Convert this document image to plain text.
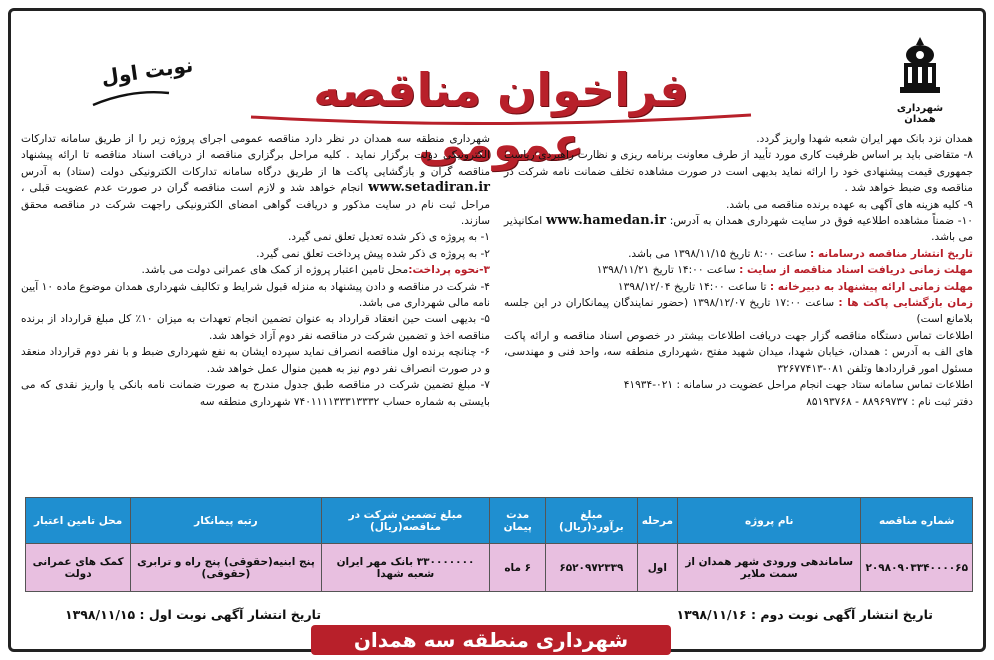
شهرداری همدان
فراخوان مناقصه عمومی
نوبت اول

شهرداری منطقه سه همدان در نظر دارد مناقصه عمومی اجرای پروژه زیر را از طریق سامانه تدارکات الکترونیکی دولت برگزار نماید . کلیه مراحل برگزاری مناقصه از دریافت اسناد مناقصه تا ارائه پیشنهاد مناقصه گران و بازگشایی پاکت ها از طریق درگاه سامانه تدارکات الکترونیکی دولت (ستاد) به آدرس www.setadiran.ir انجام خواهد شد و لازم است مناقصه گران در صورت عدم عضویت قبلی ، مراحل ثبت نام در سایت مذکور و دریافت گواهی امضای الکترونیکی راجهت شرکت در مناقصه محقق سازند.

۱- به پروژه ی ذکر شده تعدیل تعلق نمی گیرد.

۲- به پروژه ی ذکر شده پیش پرداخت تعلق نمی گیرد.

۳-نحوه پرداخت:محل تامین اعتبار پروژه از کمک های عمرانی دولت می باشد.

۴- شرکت در مناقصه و دادن پیشنهاد به منزله قبول شرایط و تکالیف شهرداری همدان موضوع ماده ۱۰ آیین نامه مالی شهرداری می باشد.

۵- بدیهی است حین انعقاد قرارداد به عنوان تضمین انجام تعهدات به میزان ۱۰٪ کل مبلغ قرارداد از برنده مناقصه اخذ و تضمین شرکت در مناقصه نفر دوم آزاد خواهد شد.

۶- چنانچه برنده اول مناقصه انصراف نماید سپرده ایشان به نفع شهرداری ضبط و با نفر دوم قرارداد منعقد و در صورت انصراف نفر دوم نیز به همین منوال عمل خواهد شد.

۷- مبلغ تضمین شرکت در مناقصه طبق جدول مندرج به صورت ضمانت نامه بانکی یا واریز نقدی که می بایستی به شماره حساب ۷۴۰۱۱۱۱۳۳۳۱۳۳۳۲ شهرداری منطقه سه

همدان نزد بانک مهر ایران شعبه شهدا واریز گردد.

۸- متقاضی باید بر اساس ظرفیت کاری مورد تأیید از طرف معاونت برنامه ریزی و نظارت راهبردی ریاست جمهوری قیمت پیشنهادی خود را ارائه نماید بدیهی است در صورت مشاهده تخلف ضمانت نامه شرکت در مناقصه وی ضبط خواهد شد .

۹- کلیه هزینه های آگهی به عهده برنده مناقصه می باشد.

۱۰- ضمناً مشاهده اطلاعیه فوق در سایت شهرداری همدان به آدرس: www.hamedan.ir امکانپذیر می باشد.

تاریخ انتشار مناقصه درسامانه : ساعت ۸:۰۰ تاریخ ۱۳۹۸/۱۱/۱۵ می باشد.

مهلت زمانی دریافت اسناد مناقصه از سایت : ساعت ۱۴:۰۰ تاریخ ۱۳۹۸/۱۱/۲۱

مهلت زمانی ارائه پیشنهاد به دبیرخانه : تا ساعت ۱۴:۰۰ تاریخ ۱۳۹۸/۱۲/۰۴

زمان بازگشایی پاکت ها : ساعت ۱۷:۰۰ تاریخ ۱۳۹۸/۱۲/۰۷ (حضور نمایندگان پیمانکاران در این جلسه بلامانع است)

اطلاعات تماس دستگاه مناقصه گزار جهت دریافت اطلاعات بیشتر در خصوص اسناد مناقصه و ارائه پاکت های الف به آدرس : همدان، خیابان شهدا، میدان شهید مفتح ،شهرداری منطقه سه، واحد فنی و مهندسی، مسئول امور قراردادها وتلفن ۰۸۱-۳۲۶۷۷۴۱۳

اطلاعات تماس سامانه ستاد جهت انجام مراحل عضویت در سامانه : ۰۲۱-۴۱۹۳۴

دفتر ثبت نام : ۸۸۹۶۹۷۳۷ - ۸۵۱۹۳۷۶۸

شماره مناقصه	نام پروژه	مرحله	مبلغ برآورد(ریال)	مدت پیمان	مبلغ تضمین شرکت در مناقصه(ریال)	رتبه پیمانکار	محل تامین اعتبار
۲۰۹۸۰۹۰۳۳۴۰۰۰۰۶۵	ساماندهی ورودی شهر همدان از سمت ملایر	اول	۶۵۲۰۹۷۲۳۳۹	۶ ماه	۳۳۰۰۰۰۰۰۰ بانک مهر ایران شعبه شهدا	پنج ابنیه(حقوقی) پنج راه و ترابری (حقوقی)	کمک های عمرانی دولت
تاریخ انتشار آگهی نوبت اول : ۱۳۹۸/۱۱/۱۵	تاریخ انتشار آگهی نوبت دوم : ۱۳۹۸/۱۱/۱۶
شهرداری منطقه سه همدان
